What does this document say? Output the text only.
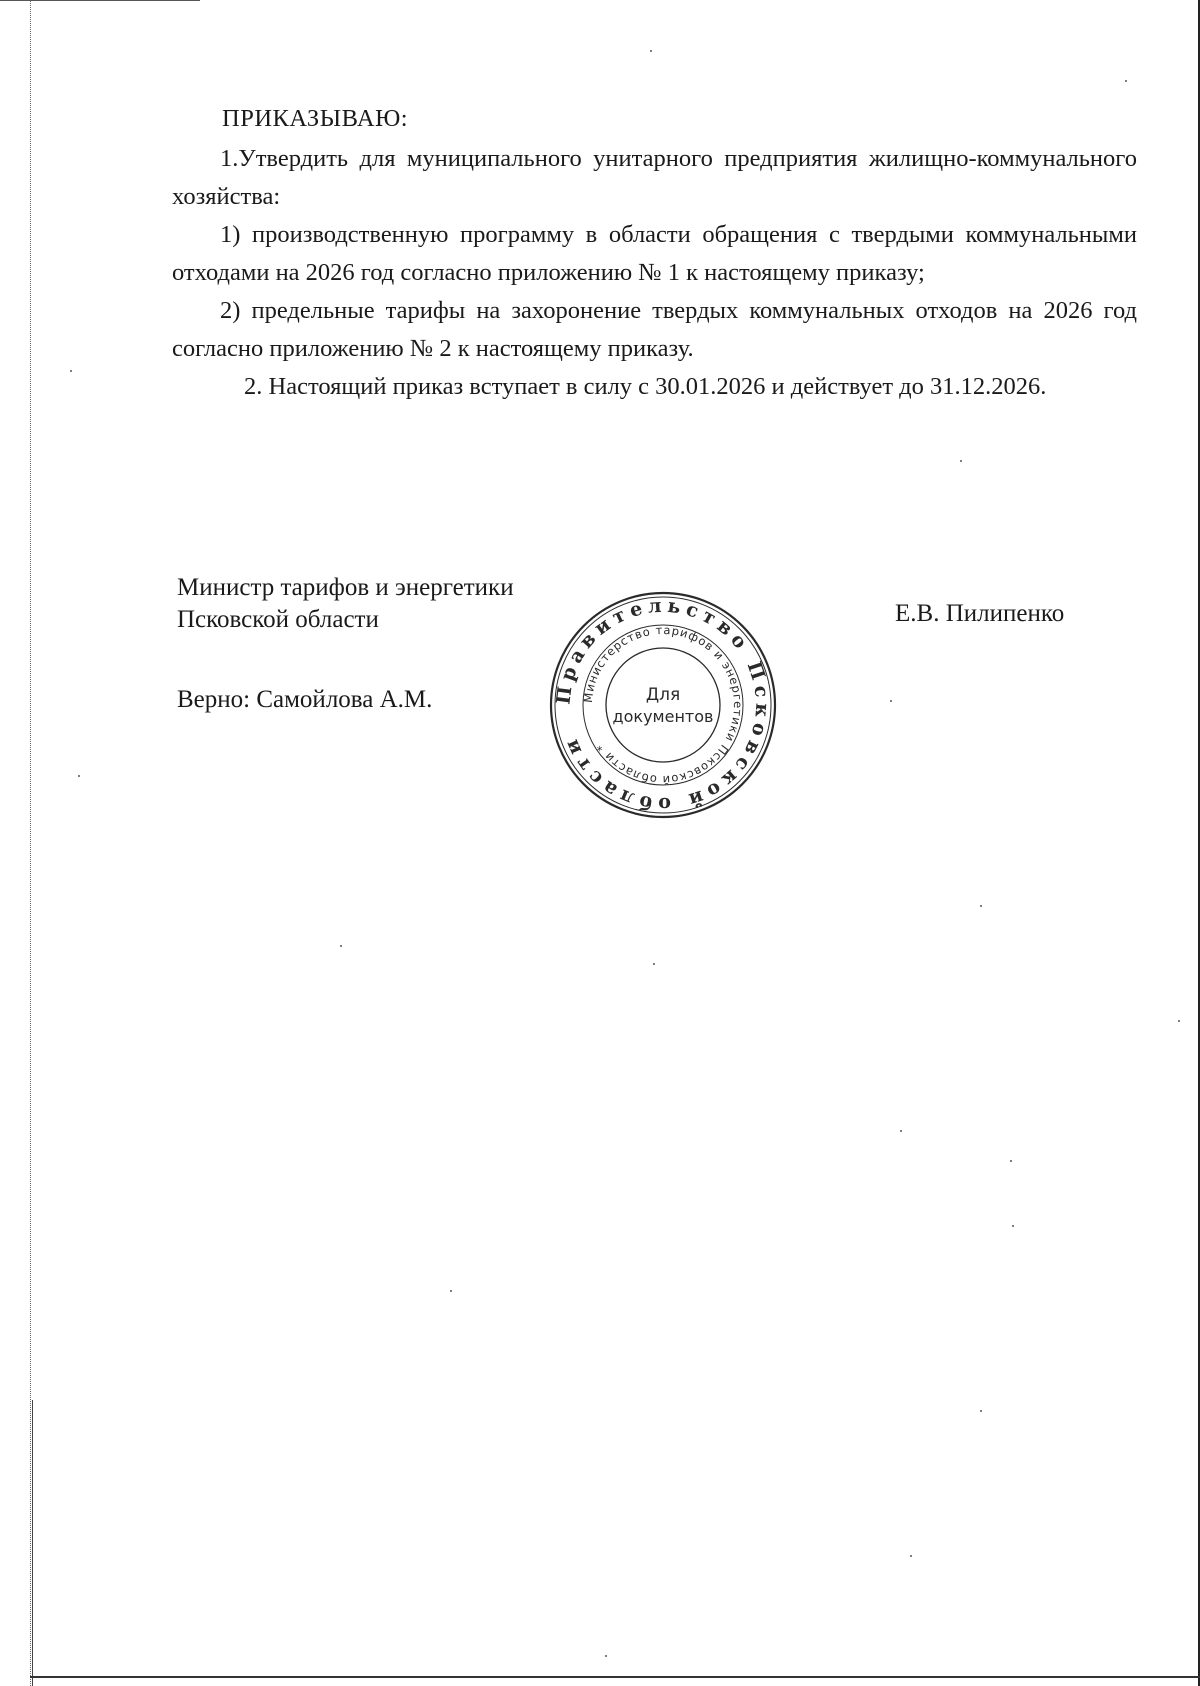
ПРИКАЗЫВАЮ:

1.Утвердить для муниципального унитарного предприятия жилищно-коммунального хозяйства:

1) производственную программу в области обращения с твердыми коммунальными отходами на 2026 год согласно приложению № 1 к настоящему приказу;

2) предельные тарифы на захоронение твердых коммунальных отходов на 2026 год согласно приложению № 2 к настоящему приказу.

2. Настоящий приказ вступает в силу с 30.01.2026 и действует до 31.12.2026.

Министр тарифов и энергетики
Псковской области
Верно: Самойлова А.М.
Е.В. Пилипенко
Правительство Псковской области
Министерство тарифов и энергетики Псковской области *
Для
документов
